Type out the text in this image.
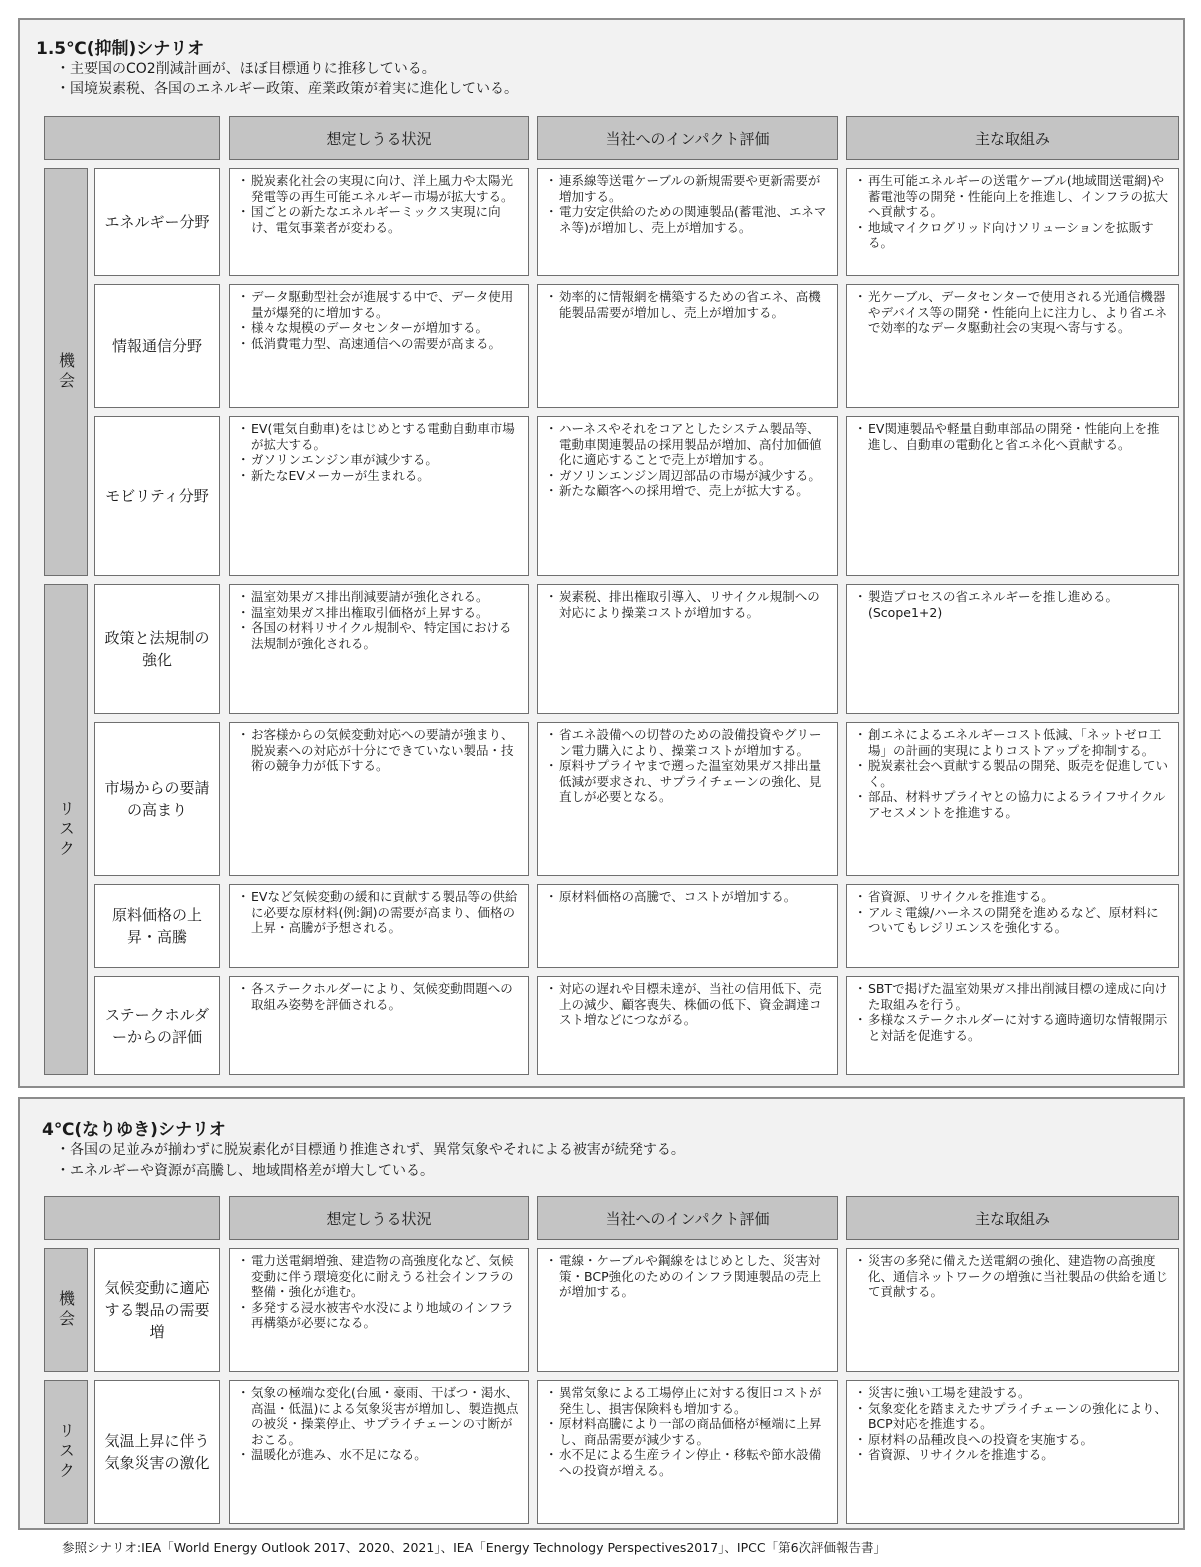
1.5℃(抑制)シナリオ
・主要国のCO2削減計画が、ほぼ目標通りに推移している。
・国境炭素税、各国のエネルギー政策、産業政策が着実に進化している。
想定しうる状況	当社へのインパクト評価	主な取組み
機会
リスク
エネルギー分野
・ 脱炭素化社会の実現に向け、洋上風力や太陽光発電等の再生可能エネルギー市場が拡大する。
・ 国ごとの新たなエネルギーミックス実現に向け、電気事業者が変わる。
・ 連系線等送電ケーブルの新規需要や更新需要が増加する。
・ 電力安定供給のための関連製品(蓄電池、エネマネ等)が増加し、売上が増加する。
・ 再生可能エネルギーの送電ケーブル(地域間送電網)や蓄電池等の開発・性能向上を推進し、インフラの拡大へ貢献する。
・ 地域マイクログリッド向けソリューションを拡販する。
情報通信分野
・ データ駆動型社会が進展する中で、データ使用量が爆発的に増加する。
・ 様々な規模のデータセンターが増加する。
・ 低消費電力型、高速通信への需要が高まる。
・ 効率的に情報網を構築するための省エネ、高機能製品需要が増加し、売上が増加する。
・ 光ケーブル、データセンターで使用される光通信機器やデバイス等の開発・性能向上に注力し、より省エネで効率的なデータ駆動社会の実現へ寄与する。
モビリティ分野
・ EV(電気自動車)をはじめとする電動自動車市場が拡大する。
・ ガソリンエンジン車が減少する。
・ 新たなEVメーカーが生まれる。
・ ハーネスやそれをコアとしたシステム製品等、電動車関連製品の採用製品が増加、高付加価値化に適応することで売上が増加する。
・ ガソリンエンジン周辺部品の市場が減少する。
・ 新たな顧客への採用増で、売上が拡大する。
・ EV関連製品や軽量自動車部品の開発・性能向上を推進し、自動車の電動化と省エネ化へ貢献する。
政策と法規制の強化
・ 温室効果ガス排出削減要請が強化される。
・ 温室効果ガス排出権取引価格が上昇する。
・ 各国の材料リサイクル規制や、特定国における法規制が強化される。
・ 炭素税、排出権取引導入、リサイクル規制への対応により操業コストが増加する。
・ 製造プロセスの省エネルギーを推し進める。(Scope1+2)
市場からの要請の高まり
・ お客様からの気候変動対応への要請が強まり、脱炭素への対応が十分にできていない製品・技術の競争力が低下する。
・ 省エネ設備への切替のための設備投資やグリーン電力購入により、操業コストが増加する。
・ 原料サプライヤまで遡った温室効果ガス排出量低減が要求され、サプライチェーンの強化、見直しが必要となる。
・ 創エネによるエネルギーコスト低減、「ネットゼロ工場」の計画的実現によりコストアップを抑制する。
・ 脱炭素社会へ貢献する製品の開発、販売を促進していく。
・ 部品、材料サプライヤとの協力によるライフサイクルアセスメントを推進する。
原料価格の上昇・高騰
・ EVなど気候変動の緩和に貢献する製品等の供給に必要な原材料(例:銅)の需要が高まり、価格の上昇・高騰が予想される。
・ 原材料価格の高騰で、コストが増加する。
・	省資源、リサイクルを推進する。
・ アルミ電線/ハーネスの開発を進めるなど、原材料についてもレジリエンスを強化する。
ステークホルダーからの評価
・ 各ステークホルダーにより、気候変動問題への取組み姿勢を評価される。
・ 対応の遅れや目標未達が、当社の信用低下、売上の減少、顧客喪失、株価の低下、資金調達コスト増などにつながる。
・ SBTで掲げた温室効果ガス排出削減目標の達成に向けた取組みを行う。
・ 多様なステークホルダーに対する適時適切な情報開示と対話を促進する。
4℃(なりゆき)シナリオ
・各国の足並みが揃わずに脱炭素化が目標通り推進されず、異常気象やそれによる被害が続発する。
・エネルギーや資源が高騰し、地域間格差が増大している。
想定しうる状況	当社へのインパクト評価	主な取組み
機会
リスク
気候変動に適応する製品の需要増
・ 電力送電網増強、建造物の高強度化など、気候変動に伴う環境変化に耐えうる社会インフラの整備・強化が進む。
・ 多発する浸水被害や水没により地域のインフラ再構築が必要になる。
・ 電線・ケーブルや鋼線をはじめとした、災害対策・BCP強化のためのインフラ関連製品の売上が増加する。
・ 災害の多発に備えた送電網の強化、建造物の高強度化、通信ネットワークの増強に当社製品の供給を通じて貢献する。
気温上昇に伴う気象災害の激化
・ 気象の極端な変化(台風・豪雨、干ばつ・渇水、高温・低温)による気象災害が増加し、製造拠点の被災・操業停止、サプライチェーンの寸断がおこる。
・ 温暖化が進み、水不足になる。
・ 異常気象による工場停止に対する復旧コストが発生し、損害保険料も増加する。
・ 原材料高騰により一部の商品価格が極端に上昇し、商品需要が減少する。
・ 水不足による生産ライン停止・移転や節水設備への投資が増える。
・ 災害に強い工場を建設する。
・ 気象変化を踏まえたサプライチェーンの強化により、BCP対応を推進する。
・ 原材料の品種改良への投資を実施する。
・ 省資源、リサイクルを推進する。
参照シナリオ:IEA「World Energy Outlook 2017、2020、2021」、IEA「Energy Technology Perspectives2017」、IPCC「第6次評価報告書」
